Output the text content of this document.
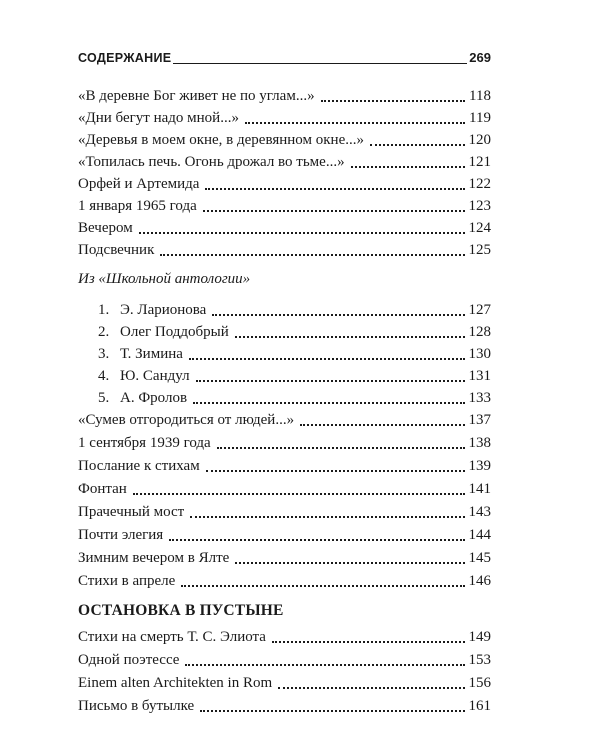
СОДЕРЖАНИЕ	269
«В деревне Бог живет не по углам...»	118
«Дни бегут надо мной...»	119
«Деревья в моем окне, в деревянном окне...»	120
«Топилась печь. Огонь дрожал во тьме...»	121
Орфей и Артемида	122
1 января 1965 года	123
Вечером	124
Подсвечник	125
Из «Школьной антологии»
1. Э. Ларионова	127
2. Олег Поддобрый	128
3. Т. Зимина	130
4. Ю. Сандул	131
5. А. Фролов	133
«Сумев отгородиться от людей...»	137
1 сентября 1939 года	138
Послание к стихам	139
Фонтан	141
Прачечный мост	143
Почти элегия	144
Зимним вечером в Ялте	145
Стихи в апреле	146
ОСТАНОВКА В ПУСТЫНЕ
Стихи на смерть Т. С. Элиота	149
Одной поэтессе	153
Einem alten Architekten in Rom	156
Письмо в бутылке	161
